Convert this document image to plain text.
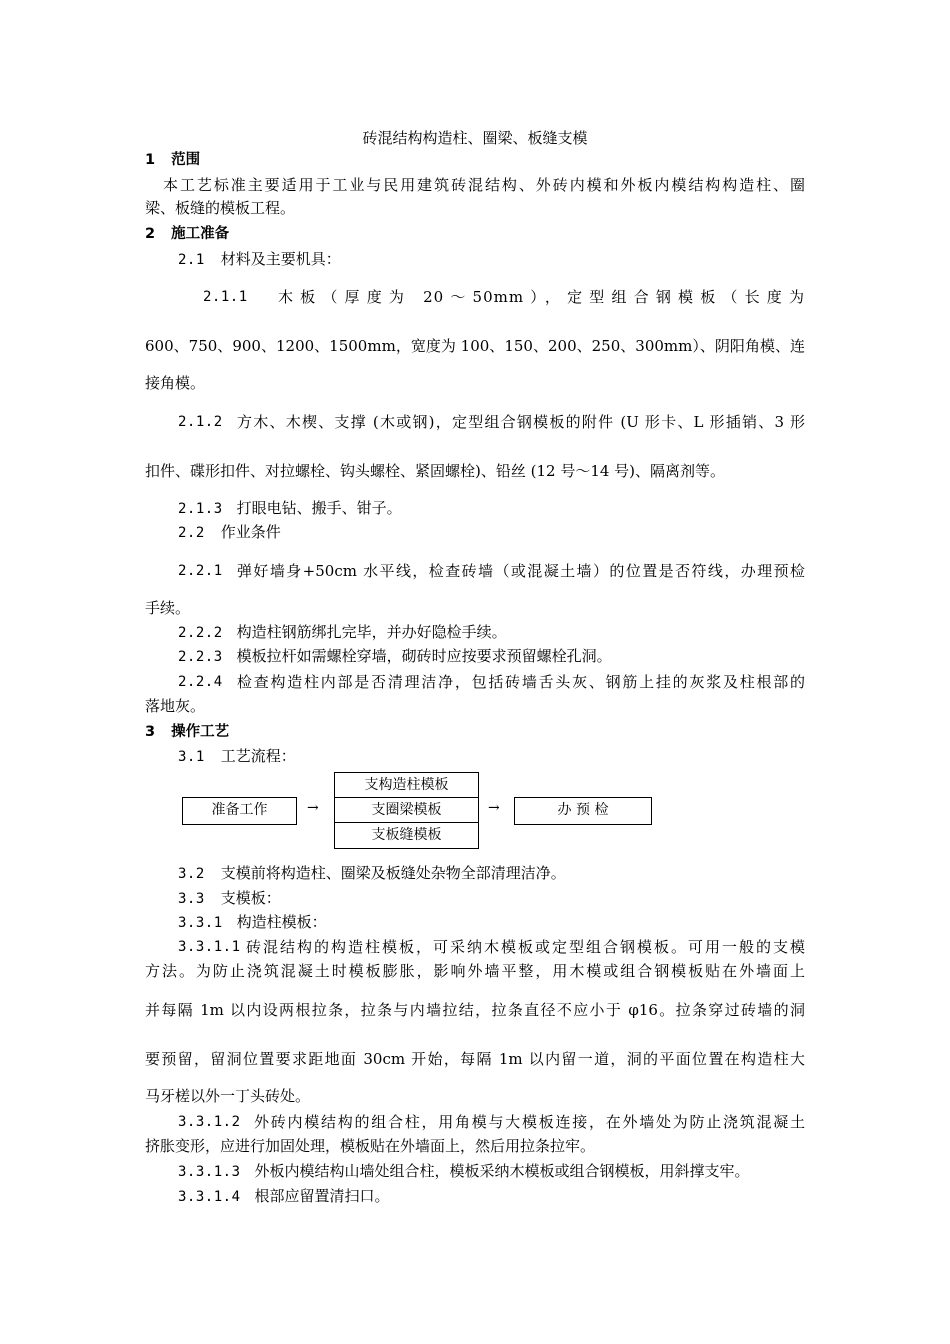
砖混结构构造柱、圈梁、板缝支模
1 范围
本工艺标准主要适用于工业与民用建筑砖混结构、外砖内模和外板内模结构构造柱、圈
梁、板缝的模板工程。
2 施工准备
2.1 材料及主要机具：
2.1.1 木板（厚度为 20～50mm），定型组合钢模板（长度为
600、750、900、1200、1500mm，宽度为 100、150、200、250、300mm）、阴阳角模、连
接角模。
2.1.2 方木、木楔、支撑 (木或钢)，定型组合钢模板的附件 (U 形卡、L 形插销、3 形
扣件、碟形扣件、对拉螺栓、钩头螺栓、紧固螺栓)、铅丝 (12 号～14 号)、隔离剂等。
2.1.3 打眼电钻、搬手、钳子。
2.2 作业条件
2.2.1 弹好墙身+50cm 水平线，检查砖墙（或混凝土墙）的位置是否符线，办理预检
手续。
2.2.2 构造柱钢筋绑扎完毕，并办好隐检手续。
2.2.3 模板拉杆如需螺栓穿墙，砌砖时应按要求预留螺栓孔洞。
2.2.4 检查构造柱内部是否清理洁净，包括砖墙舌头灰、钢筋上挂的灰浆及柱根部的
落地灰。
3 操作工艺
3.1 工艺流程：
准备工作	→
支构造柱模板
支圈梁模板
支板缝模板
→	办 预 检
3.2 支模前将构造柱、圈梁及板缝处杂物全部清理洁净。
3.3 支模板：
3.3.1 构造柱模板：
3.3.1.1 砖混结构的构造柱模板，可采纳木模板或定型组合钢模板。可用一般的支模
方法。为防止浇筑混凝土时模板膨胀，影响外墙平整，用木模或组合钢模板贴在外墙面上
并每隔 1m 以内设两根拉条，拉条与内墙拉结，拉条直径不应小于 φ16。拉条穿过砖墙的洞
要预留，留洞位置要求距地面 30cm 开始，每隔 1m 以内留一道，洞的平面位置在构造柱大
马牙槎以外一丁头砖处。
3.3.1.2 外砖内模结构的组合柱，用角模与大模板连接，在外墙处为防止浇筑混凝土
挤胀变形，应进行加固处理，模板贴在外墙面上，然后用拉条拉牢。
3.3.1.3 外板内模结构山墙处组合柱，模板采纳木模板或组合钢模板，用斜撑支牢。
3.3.1.4 根部应留置清扫口。
